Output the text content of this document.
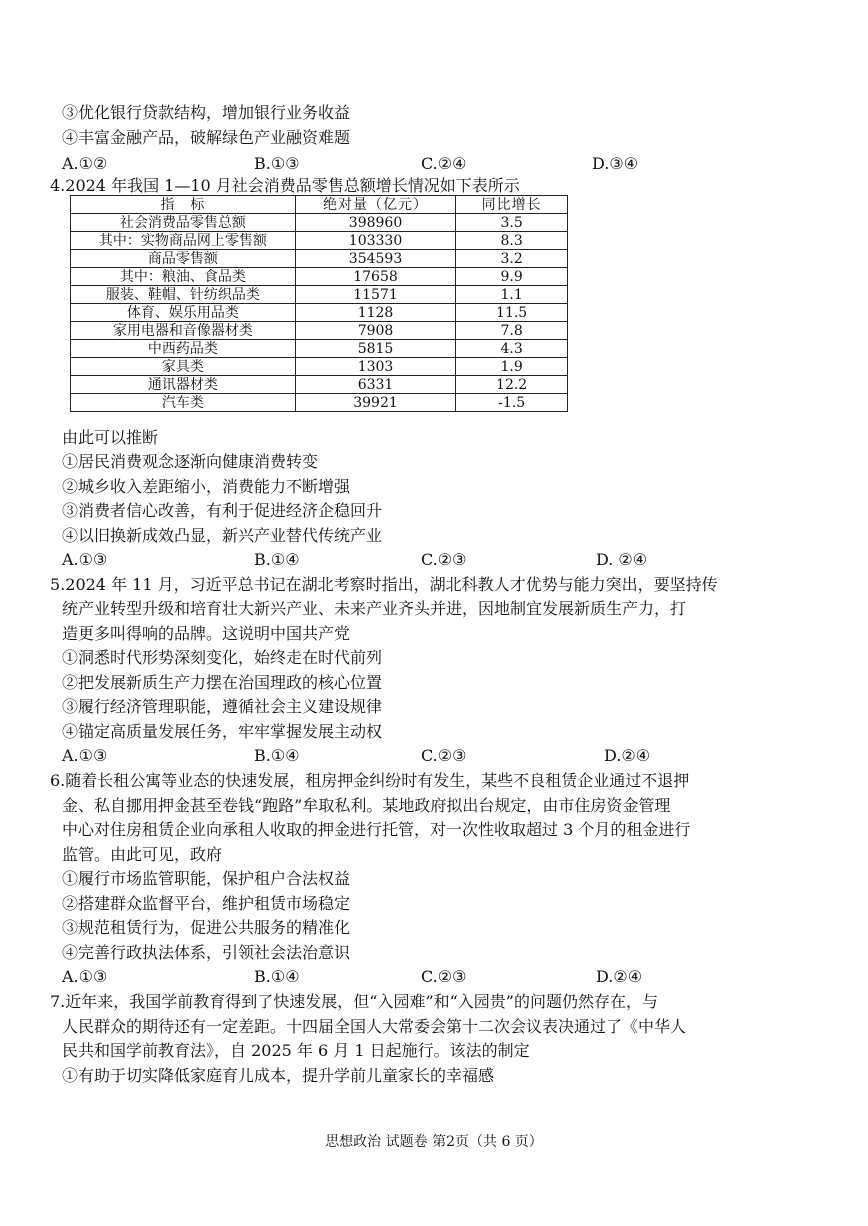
③优化银行贷款结构，增加银行业务收益
④丰富金融产品，破解绿色产业融资难题
A.①②	B.①③	C.②④	D.③④
4.2024 年我国 1—10 月社会消费品零售总额增长情况如下表所示
指　标	绝对量（亿元）	同比增长
社会消费品零售总额	398960	3.5
其中：实物商品网上零售额	103330	8.3
商品零售额	354593	3.2
其中：粮油、食品类	17658	9.9
服装、鞋帽、针纺织品类	11571	1.1
体育、娱乐用品类	1128	11.5
家用电器和音像器材类	7908	7.8
中西药品类	5815	4.3
家具类	1303	1.9
通讯器材类	6331	12.2
汽车类	39921	-1.5
由此可以推断
①居民消费观念逐渐向健康消费转变
②城乡收入差距缩小，消费能力不断增强
③消费者信心改善，有利于促进经济企稳回升
④以旧换新成效凸显，新兴产业替代传统产业
A.①③	B.①④	C.②③	D. ②④
5.2024 年 11 月，习近平总书记在湖北考察时指出，湖北科教人才优势与能力突出，要坚持传
统产业转型升级和培育壮大新兴产业、未来产业齐头并进，因地制宜发展新质生产力，打
造更多叫得响的品牌。这说明中国共产党
①洞悉时代形势深刻变化，始终走在时代前列
②把发展新质生产力摆在治国理政的核心位置
③履行经济管理职能，遵循社会主义建设规律
④锚定高质量发展任务，牢牢掌握发展主动权
A.①③	B.①④	C.②③	D.②④
6.随着长租公寓等业态的快速发展，租房押金纠纷时有发生，某些不良租赁企业通过不退押
金、私自挪用押金甚至卷钱“跑路”牟取私利。某地政府拟出台规定，由市住房资金管理
中心对住房租赁企业向承租人收取的押金进行托管，对一次性收取超过 3 个月的租金进行
监管。由此可见，政府
①履行市场监管职能，保护租户合法权益
②搭建群众监督平台，维护租赁市场稳定
③规范租赁行为，促进公共服务的精准化
④完善行政执法体系，引领社会法治意识
A.①③	B.①④	C.②③	D.②④
7.近年来，我国学前教育得到了快速发展，但“入园难”和“入园贵”的问题仍然存在，与
人民群众的期待还有一定差距。十四届全国人大常委会第十二次会议表决通过了《中华人
民共和国学前教育法》，自 2025 年 6 月 1 日起施行。该法的制定
①有助于切实降低家庭育儿成本，提升学前儿童家长的幸福感
思想政治 试题卷 第2页（共 6 页）
